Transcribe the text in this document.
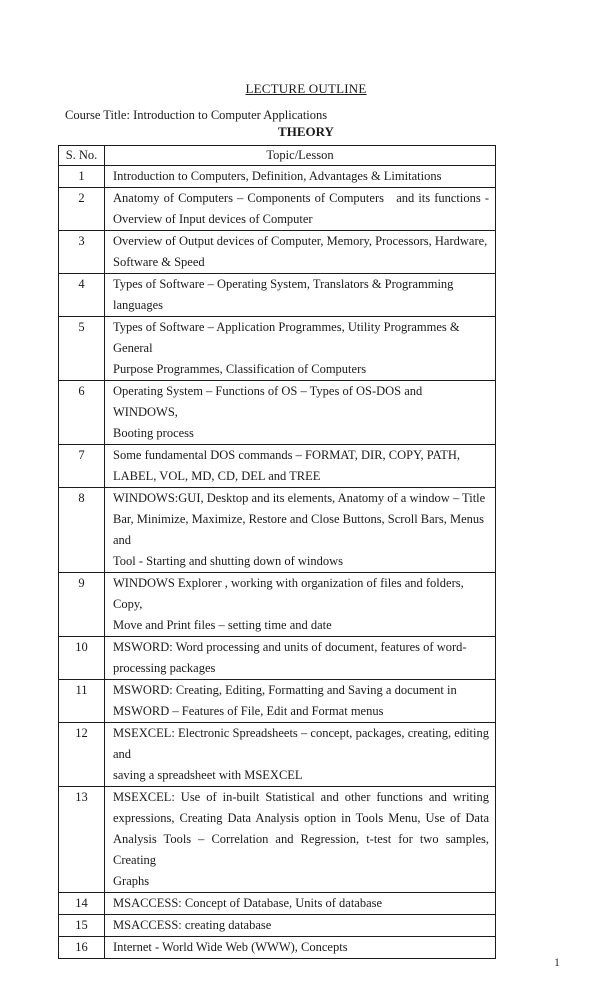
LECTURE OUTLINE
Course Title: Introduction to Computer Applications
THEORY
S. No.	Topic/Lesson
1	Introduction to Computers, Definition, Advantages & Limitations

2	Anatomy of Computers – Components of Computers   and its functions -
Overview of Input devices of Computer

3	Overview of Output devices of Computer, Memory, Processors, Hardware,
Software & Speed

4	Types of Software – Operating System, Translators & Programming languages

5	Types of Software – Application Programmes, Utility Programmes & General
Purpose Programmes, Classification of Computers

6	Operating System – Functions of OS – Types of OS-DOS and WINDOWS,
Booting process

7	Some fundamental DOS commands – FORMAT, DIR, COPY, PATH,
LABEL, VOL, MD, CD, DEL and TREE

8	WINDOWS:GUI, Desktop and its elements, Anatomy of a window – Title
Bar, Minimize, Maximize, Restore and Close Buttons, Scroll Bars, Menus and
Tool - Starting and shutting down of windows

9	WINDOWS Explorer , working with organization of files and folders, Copy,
Move and Print files – setting time and date

10	MSWORD: Word processing and units of document, features of word-
processing packages

11	MSWORD: Creating, Editing, Formatting and Saving a document in
MSWORD – Features of File, Edit and Format menus

12	MSEXCEL: Electronic Spreadsheets – concept, packages, creating, editing and
saving a spreadsheet with MSEXCEL

13	MSEXCEL: Use of in-built Statistical and other functions and writing
expressions, Creating Data Analysis option in Tools Menu, Use of Data
Analysis Tools – Correlation and Regression, t-test for two samples, Creating
Graphs

14	MSACCESS: Concept of Database, Units of database

15	MSACCESS: creating database

16	Internet - World Wide Web (WWW), Concepts
1
